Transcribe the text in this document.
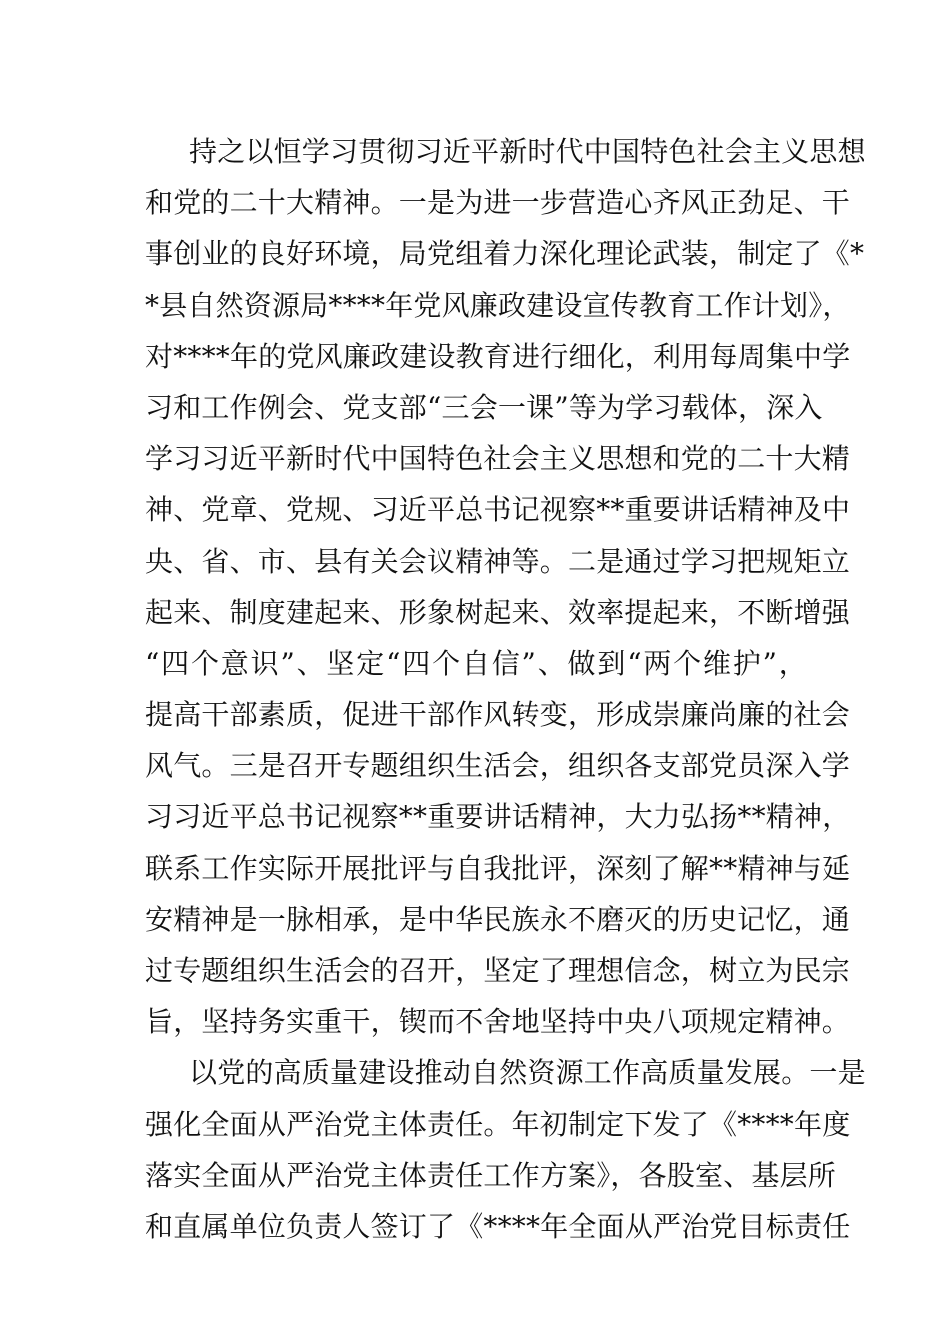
持之以恒学习贯彻习近平新时代中国特色社会主义思想
和党的二十大精神。一是为进一步营造心齐风正劲足、干
事创业的良好环境，局党组着力深化理论武装，制定了《*
*县自然资源局****年党风廉政建设宣传教育工作计划》，
对****年的党风廉政建设教育进行细化，利用每周集中学
习和工作例会、党支部“三会一课”等为学习载体，深入
学习习近平新时代中国特色社会主义思想和党的二十大精
神、党章、党规、习近平总书记视察**重要讲话精神及中
央、省、市、县有关会议精神等。二是通过学习把规矩立
起来、制度建起来、形象树起来、效率提起来，不断增强
“四个意识”、坚定“四个自信”、做到“两个维护”，
提高干部素质，促进干部作风转变，形成崇廉尚廉的社会
风气。三是召开专题组织生活会，组织各支部党员深入学
习习近平总书记视察**重要讲话精神，大力弘扬**精神，
联系工作实际开展批评与自我批评，深刻了解**精神与延
安精神是一脉相承，是中华民族永不磨灭的历史记忆，通
过专题组织生活会的召开，坚定了理想信念，树立为民宗
旨，坚持务实重干，锲而不舍地坚持中央八项规定精神。
以党的高质量建设推动自然资源工作高质量发展。一是
强化全面从严治党主体责任。年初制定下发了《****年度
落实全面从严治党主体责任工作方案》，各股室、基层所
和直属单位负责人签订了《****年全面从严治党目标责任
